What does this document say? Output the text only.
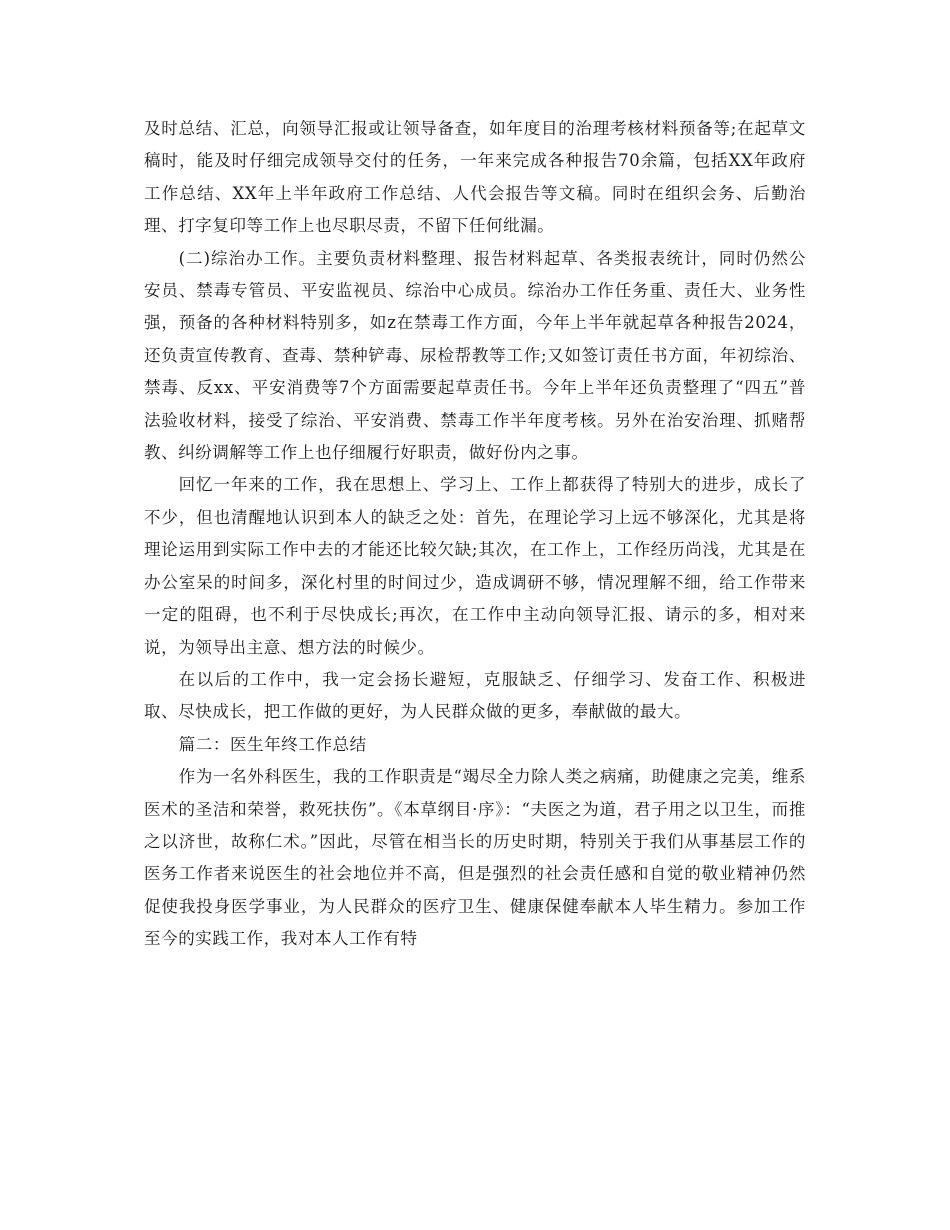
及时总结、汇总，向领导汇报或让领导备查，如年度目的治理考核材料预备等;在起草文稿时，能及时仔细完成领导交付的任务，一年来完成各种报告70余篇，包括XX年政府工作总结、XX年上半年政府工作总结、人代会报告等文稿。同时在组织会务、后勤治理、打字复印等工作上也尽职尽责，不留下任何纰漏。

(二)综治办工作。主要负责材料整理、报告材料起草、各类报表统计，同时仍然公安员、禁毒专管员、平安监视员、综治中心成员。综治办工作任务重、责任大、业务性强，预备的各种材料特别多，如z在禁毒工作方面，今年上半年就起草各种报告2024，还负责宣传教育、查毒、禁种铲毒、尿检帮教等工作;又如签订责任书方面，年初综治、禁毒、反xx、平安消费等7个方面需要起草责任书。今年上半年还负责整理了“四五”普法验收材料，接受了综治、平安消费、禁毒工作半年度考核。另外在治安治理、抓赌帮教、纠纷调解等工作上也仔细履行好职责，做好份内之事。

回忆一年来的工作，我在思想上、学习上、工作上都获得了特别大的进步，成长了不少，但也清醒地认识到本人的缺乏之处：首先，在理论学习上远不够深化，尤其是将理论运用到实际工作中去的才能还比较欠缺;其次，在工作上，工作经历尚浅，尤其是在办公室呆的时间多，深化村里的时间过少，造成调研不够，情况理解不细，给工作带来一定的阻碍，也不利于尽快成长;再次，在工作中主动向领导汇报、请示的多，相对来说，为领导出主意、想方法的时候少。

在以后的工作中，我一定会扬长避短，克服缺乏、仔细学习、发奋工作、积极进取、尽快成长，把工作做的更好，为人民群众做的更多，奉献做的最大。

篇二：医生年终工作总结

作为一名外科医生，我的工作职责是“竭尽全力除人类之病痛，助健康之完美，维系医术的圣洁和荣誉，救死扶伤”。《本草纲目·序》：“夫医之为道，君子用之以卫生，而推之以济世，故称仁术。”因此，尽管在相当长的历史时期，特别关于我们从事基层工作的医务工作者来说医生的社会地位并不高，但是强烈的社会责任感和自觉的敬业精神仍然促使我投身医学事业，为人民群众的医疗卫生、健康保健奉献本人毕生精力。参加工作至今的实践工作，我对本人工作有特
